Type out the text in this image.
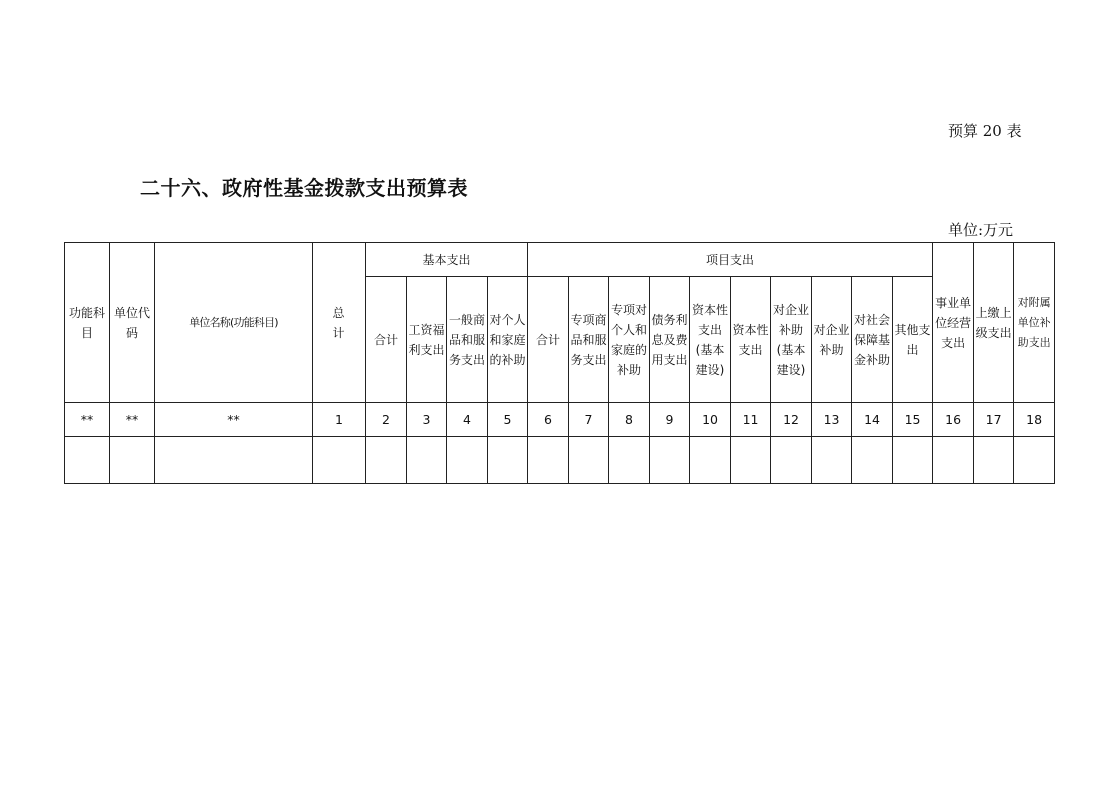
预算 20 表
二十六、政府性基金拨款支出预算表
单位:万元
功能科目	单位代码	单位名称(功能科目)	总计	基本支出				项目支出										事业单位经营支出	上缴上级支出	对附属单位补助支出
				合计	工资福利支出	一般商品和服务支出	对个人和家庭的补助	合计	专项商品和服务支出	专项对个人和家庭的补助	债务利息及费用支出	资本性支出(基本建设)	资本性支出	对企业补助(基本建设)	对企业补助	对社会保障基金补助	其他支出			
**	**	**	1	2	3	4	5	6	7	8	9	10	11	12	13	14	15	16	17	18
